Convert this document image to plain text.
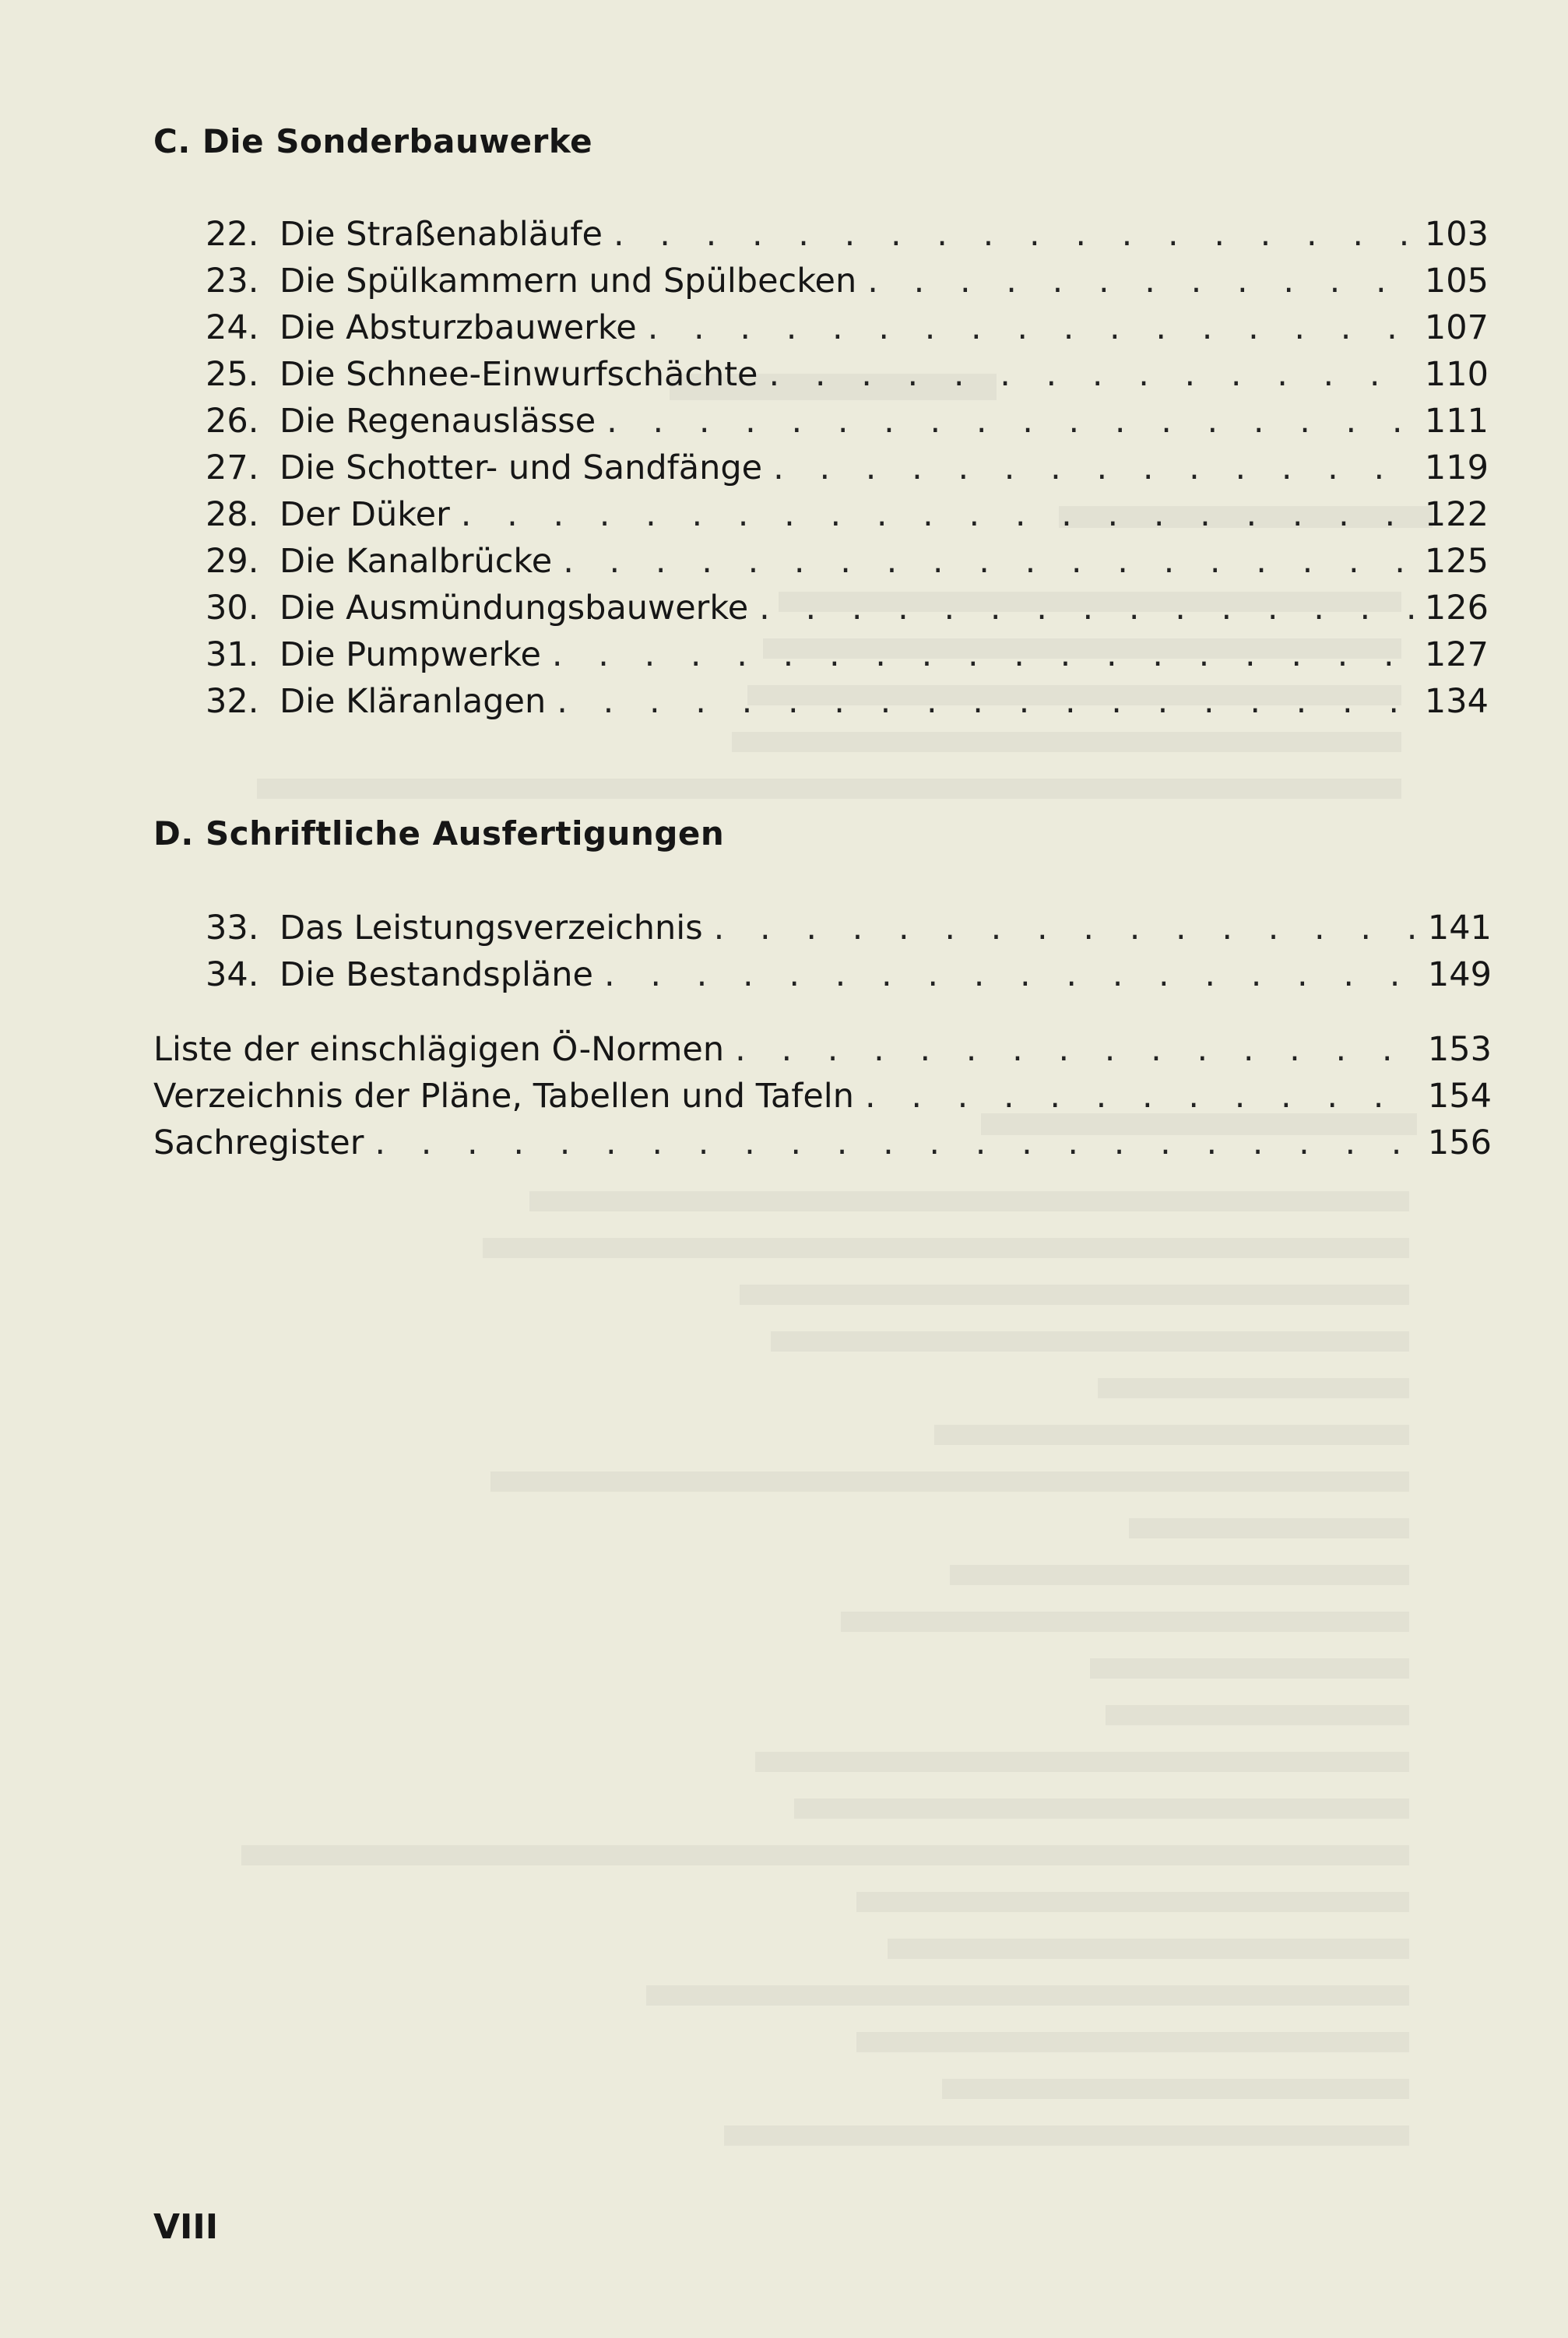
C. Die Sonderbauwerke
22. Die Straßenabläufe . . .	103
23. Die Spülkammern und Spülbecken . . .	105
24. Die Absturzbauwerke . . .	107
25. Die Schnee-Einwurfschächte . . .	110
26. Die Regenauslässe . . .	111
27. Die Schotter- und Sandfänge . . .	119
28. Der Düker . . .	122
29. Die Kanalbrücke . . .	125
30. Die Ausmündungsbauwerke . . .	126
31. Die Pumpwerke . . .	127
32. Die Kläranlagen . . .	134
D. Schriftliche Ausfertigungen
33. Das Leistungsverzeichnis . . .	141
34. Die Bestandspläne . . .	149
Liste der einschlägigen Ö-Normen . . .	153
Verzeichnis der Pläne, Tabellen und Tafeln . . .	154
Sachregister . . .	156
VIII
